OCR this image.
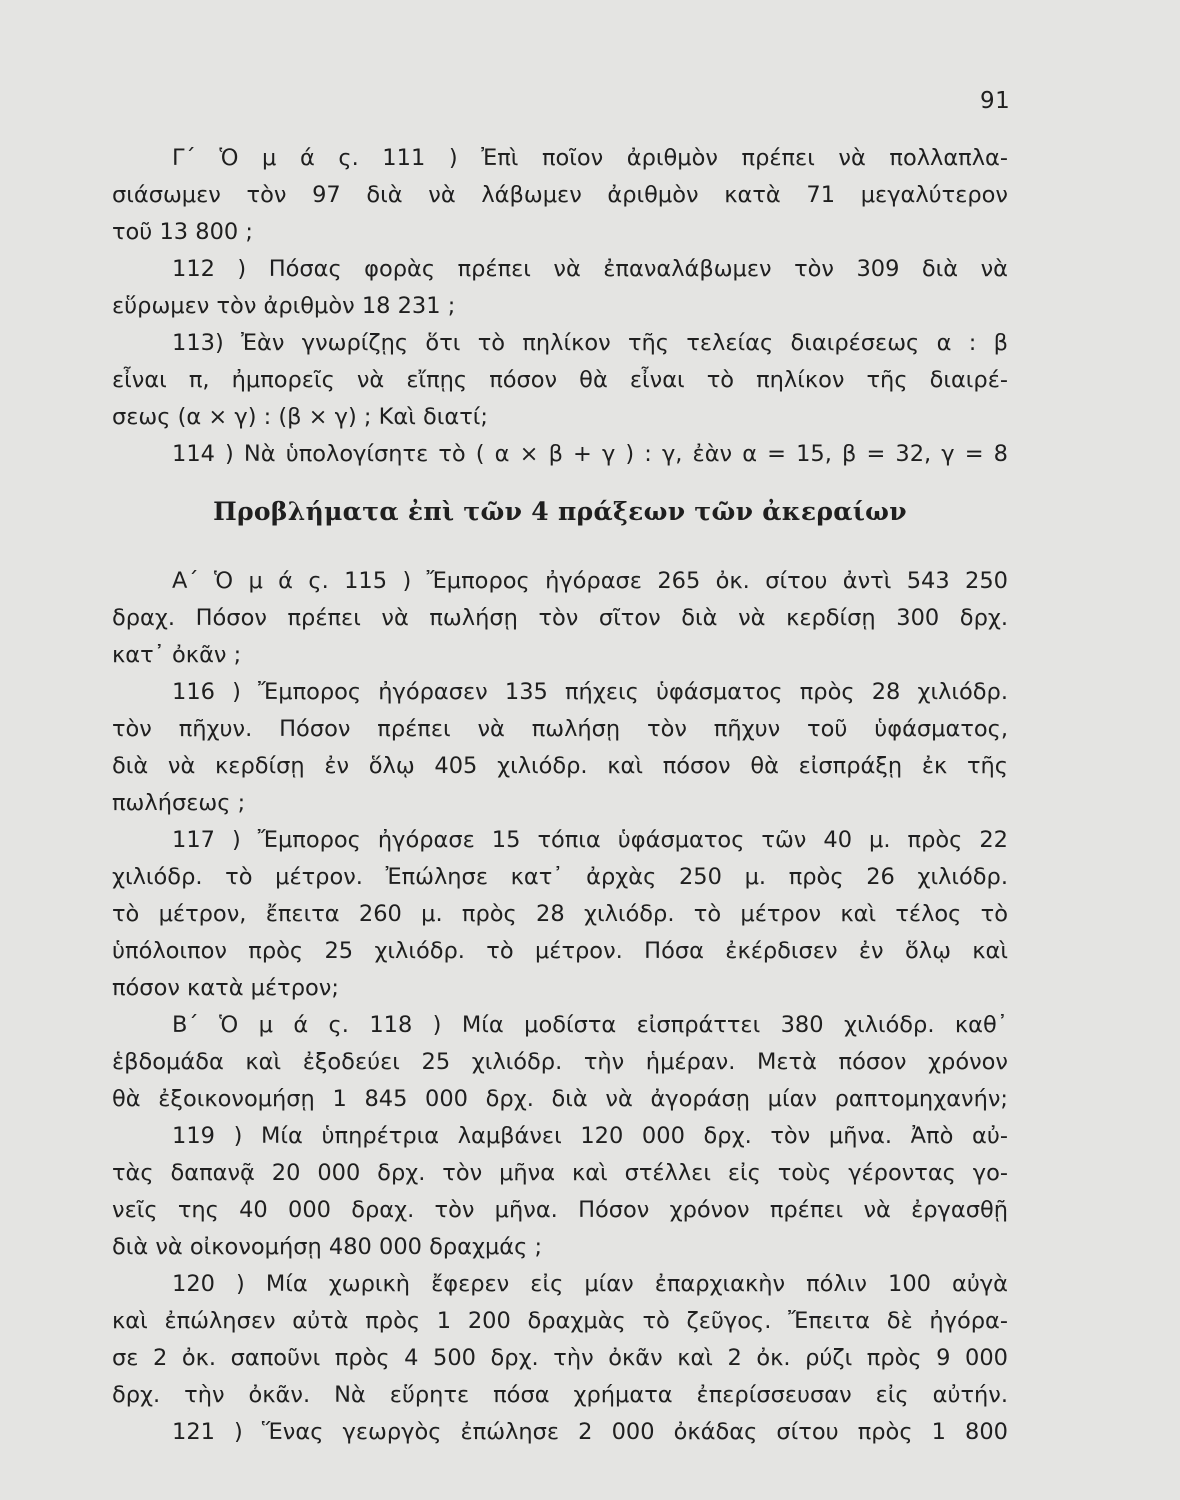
91
Γ΄ Ὁ μ ά ς. 111 ) Ἐπὶ ποῖον ἀριθμὸν πρέπει νὰ πολλαπλα-
σιάσωμεν τὸν 97 διὰ νὰ λάβωμεν ἀριθμὸν κατὰ 71 μεγαλύτερον
τοῦ 13 800 ;
112 ) Πόσας φορὰς πρέπει νὰ ἐπαναλάβωμεν τὸν 309 διὰ νὰ
εὕρωμεν τὸν ἀριθμὸν 18 231 ;
113) Ἐὰν γνωρίζῃς ὅτι τὸ πηλίκον τῆς τελείας διαιρέσεως α : β
εἶναι π, ἠμπορεῖς νὰ εἴπῃς πόσον θὰ εἶναι τὸ πηλίκον τῆς διαιρέ-
σεως (α × γ) : (β × γ) ; Καὶ διατί;
114 ) Νὰ ὑπολογίσητε τὸ ( α × β + γ ) : γ, ἐὰν α = 15, β = 32, γ = 8
Προβλήματα ἐπὶ τῶν 4 πράξεων τῶν ἀκεραίων
Α΄ Ὁ μ ά ς. 115 ) Ἔμπορος ἠγόρασε 265 ὀκ. σίτου ἀντὶ 543 250
δραχ. Πόσον πρέπει νὰ πωλήσῃ τὸν σῖτον διὰ νὰ κερδίσῃ 300 δρχ.
κατ᾽ ὀκᾶν ;
116 ) Ἔμπορος ἠγόρασεν 135 πήχεις ὑφάσματος πρὸς 28 χιλιόδρ.
τὸν πῆχυν. Πόσον πρέπει νὰ πωλήσῃ τὸν πῆχυν τοῦ ὑφάσματος,
διὰ νὰ κερδίσῃ ἐν ὅλῳ 405 χιλιόδρ. καὶ πόσον θὰ εἰσπράξῃ ἐκ τῆς
πωλήσεως ;
117 ) Ἔμπορος ἠγόρασε 15 τόπια ὑφάσματος τῶν 40 μ. πρὸς 22
χιλιόδρ. τὸ μέτρον. Ἐπώλησε κατ᾽ ἀρχὰς 250 μ. πρὸς 26 χιλιόδρ.
τὸ μέτρον, ἔπειτα 260 μ. πρὸς 28 χιλιόδρ. τὸ μέτρον καὶ τέλος τὸ
ὑπόλοιπον πρὸς 25 χιλιόδρ. τὸ μέτρον. Πόσα ἐκέρδισεν ἐν ὅλῳ καὶ
πόσον κατὰ μέτρον;
Β΄ Ὁ μ ά ς. 118 ) Μία μοδίστα εἰσπράττει 380 χιλιόδρ. καθ᾽
ἑβδομάδα καὶ ἐξοδεύει 25 χιλιόδρ. τὴν ἡμέραν. Μετὰ πόσον χρόνον
θὰ ἐξοικονομήσῃ 1 845 000 δρχ. διὰ νὰ ἀγοράσῃ μίαν ραπτομηχανήν;
119 ) Μία ὑπηρέτρια λαμβάνει 120 000 δρχ. τὸν μῆνα. Ἀπὸ αὐ-
τὰς δαπανᾷ 20 000 δρχ. τὸν μῆνα καὶ στέλλει εἰς τοὺς γέροντας γο-
νεῖς της 40 000 δραχ. τὸν μῆνα. Πόσον χρόνον πρέπει νὰ ἐργασθῇ
διὰ νὰ οἰκονομήσῃ 480 000 δραχμάς ;
120 ) Μία χωρικὴ ἔφερεν εἰς μίαν ἐπαρχιακὴν πόλιν 100 αὐγὰ
καὶ ἐπώλησεν αὐτὰ πρὸς 1 200 δραχμὰς τὸ ζεῦγος. Ἔπειτα δὲ ἠγόρα-
σε 2 ὀκ. σαποῦνι πρὸς 4 500 δρχ. τὴν ὀκᾶν καὶ 2 ὀκ. ρύζι πρὸς 9 000
δρχ. τὴν ὀκᾶν. Νὰ εὕρητε πόσα χρήματα ἐπερίσσευσαν εἰς αὐτήν.
121 ) Ἕνας γεωργὸς ἐπώλησε 2 000 ὀκάδας σίτου πρὸς 1 800
